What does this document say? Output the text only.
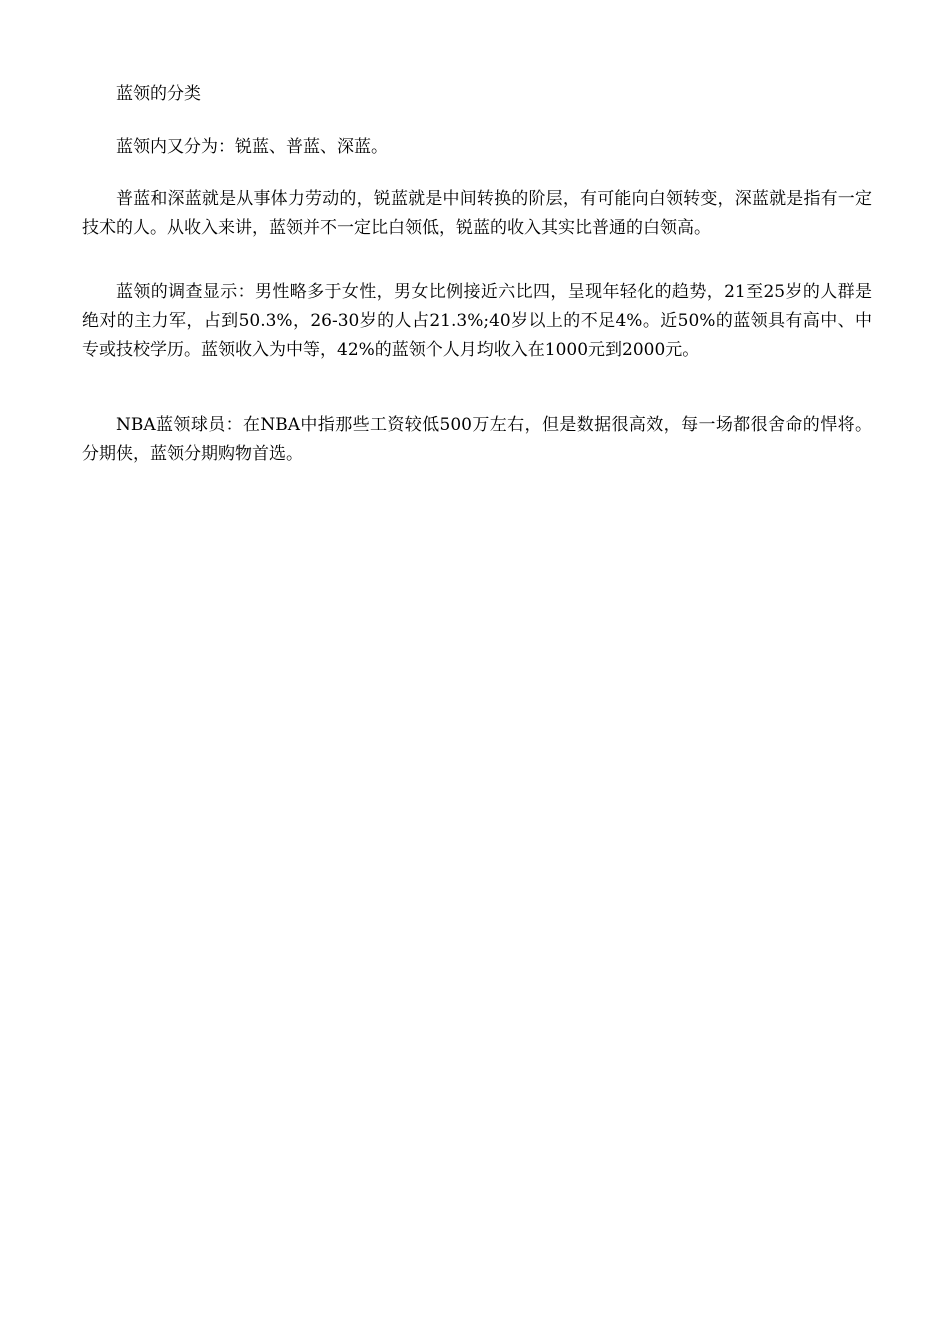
蓝领的分类

蓝领内又分为：锐蓝、普蓝、深蓝。

普蓝和深蓝就是从事体力劳动的，锐蓝就是中间转换的阶层，有可能向白领转变，深蓝就是指有一定技术的人。从收入来讲，蓝领并不一定比白领低，锐蓝的收入其实比普通的白领高。

蓝领的调查显示：男性略多于女性，男女比例接近六比四，呈现年轻化的趋势，21至25岁的人群是绝对的主力军，占到50.3%，26-30岁的人占21.3%;40岁以上的不足4%。近50%的蓝领具有高中、中专或技校学历。蓝领收入为中等，42%的蓝领个人月均收入在1000元到2000元。

NBA蓝领球员：在NBA中指那些工资较低500万左右，但是数据很高效，每一场都很舍命的悍将。分期侠，蓝领分期购物首选。
